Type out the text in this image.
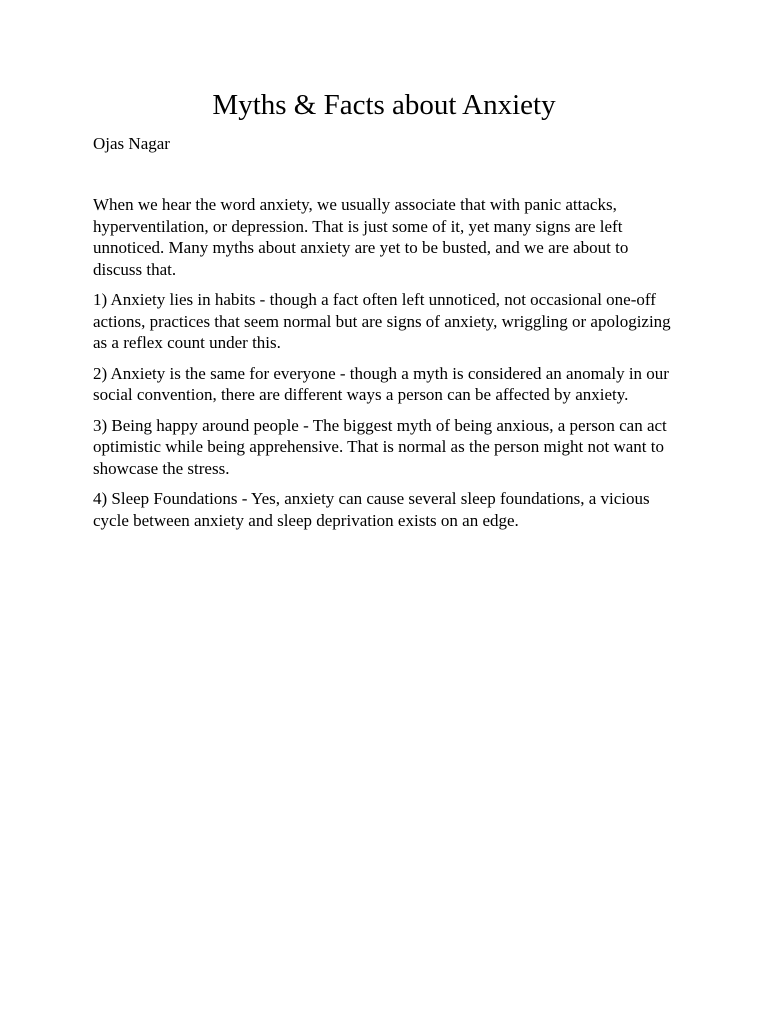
Myths & Facts about Anxiety

Ojas Nagar

When we hear the word anxiety, we usually associate that with panic attacks, hyperventilation, or depression. That is just some of it, yet many signs are left unnoticed. Many myths about anxiety are yet to be busted, and we are about to discuss that.

1) Anxiety lies in habits - though a fact often left unnoticed, not occasional one-off actions, practices that seem normal but are signs of anxiety, wriggling or apologizing as a reflex count under this.

2) Anxiety is the same for everyone - though a myth is considered an anomaly in our social convention, there are different ways a person can be affected by anxiety.

3) Being happy around people - The biggest myth of being anxious, a person can act optimistic while being apprehensive. That is normal as the person might not want to showcase the stress.

4) Sleep Foundations - Yes, anxiety can cause several sleep foundations, a vicious cycle between anxiety and sleep deprivation exists on an edge.
